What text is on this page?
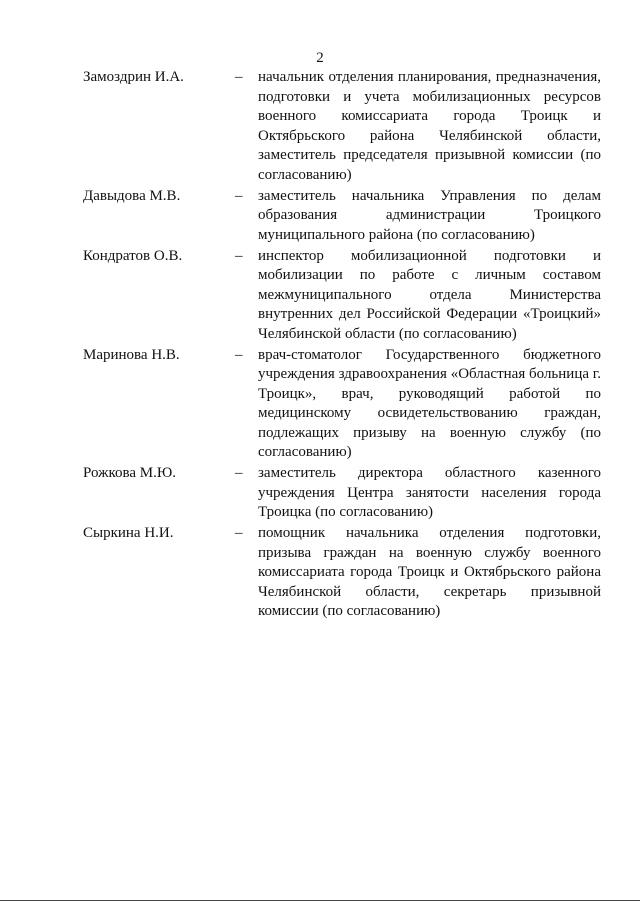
2
Замоздрин И.А.	– начальник отделения планирования, предназначения, подготовки и учета мобилизационных ресурсов военного комиссариата города Троицк и Октябрьского района Челябинской области, заместитель председателя призывной комиссии (по согласованию)
Давыдова М.В.	– заместитель начальника Управления по делам образования администрации Троицкого муниципального района (по согласованию)
Кондратов О.В.	– инспектор мобилизационной подготовки и мобилизации по работе с личным составом межмуниципального отдела Министерства внутренних дел Российской Федерации «Троицкий» Челябинской области (по согласованию)
Маринова Н.В.	– врач-стоматолог Государственного бюджетного учреждения здравоохранения «Областная больница г. Троицк», врач, руководящий работой по медицинскому освидетельствованию граждан, подлежащих призыву на военную службу (по согласованию)
Рожкова М.Ю.	– заместитель директора областного казенного учреждения Центра занятости населения города Троицка (по согласованию)
Сыркина Н.И.	– помощник начальника отделения подготовки, призыва граждан на военную службу военного комиссариата города Троицк и Октябрьского района Челябинской области, секретарь призывной комиссии (по согласованию)
